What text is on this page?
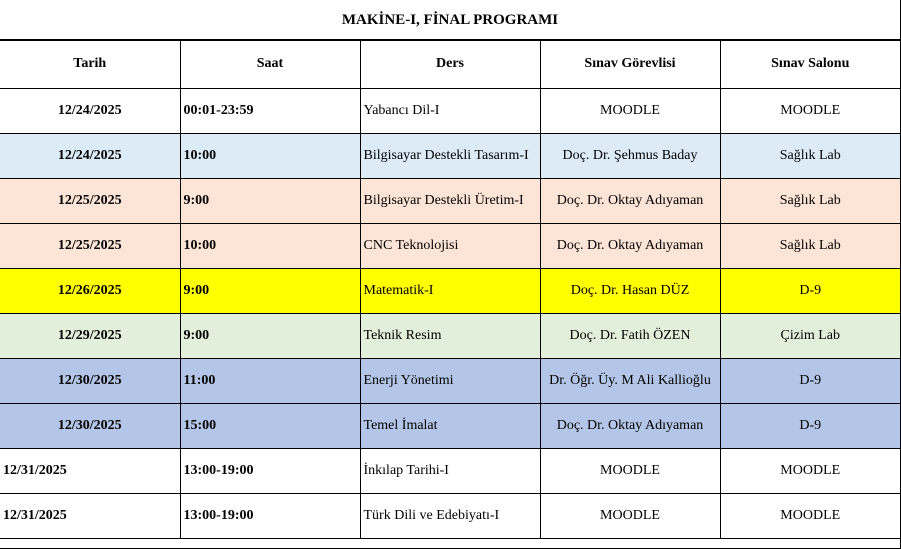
MAKİNE-I, FİNAL PROGRAMI
Tarih	Saat	Ders	Sınav Görevlisi	Sınav Salonu
12/24/2025	00:01-23:59	Yabancı Dil-I	MOODLE	MOODLE
12/24/2025	10:00	Bilgisayar Destekli Tasarım-I	Doç. Dr. Şehmus Baday	Sağlık Lab
12/25/2025	9:00	Bilgisayar Destekli Üretim-I	Doç. Dr. Oktay Adıyaman	Sağlık Lab
12/25/2025	10:00	CNC Teknolojisi	Doç. Dr. Oktay Adıyaman	Sağlık Lab
12/26/2025	9:00	Matematik-I	Doç. Dr. Hasan DÜZ	D-9
12/29/2025	9:00	Teknik Resim	Doç. Dr. Fatih ÖZEN	Çizim Lab
12/30/2025	11:00	Enerji Yönetimi	Dr. Öğr. Üy. M Ali Kallioğlu	D-9
12/30/2025	15:00	Temel İmalat	Doç. Dr. Oktay Adıyaman	D-9
12/31/2025	13:00-19:00	İnkılap Tarihi-I	MOODLE	MOODLE
12/31/2025	13:00-19:00	Türk Dili ve Edebiyatı-I	MOODLE	MOODLE
